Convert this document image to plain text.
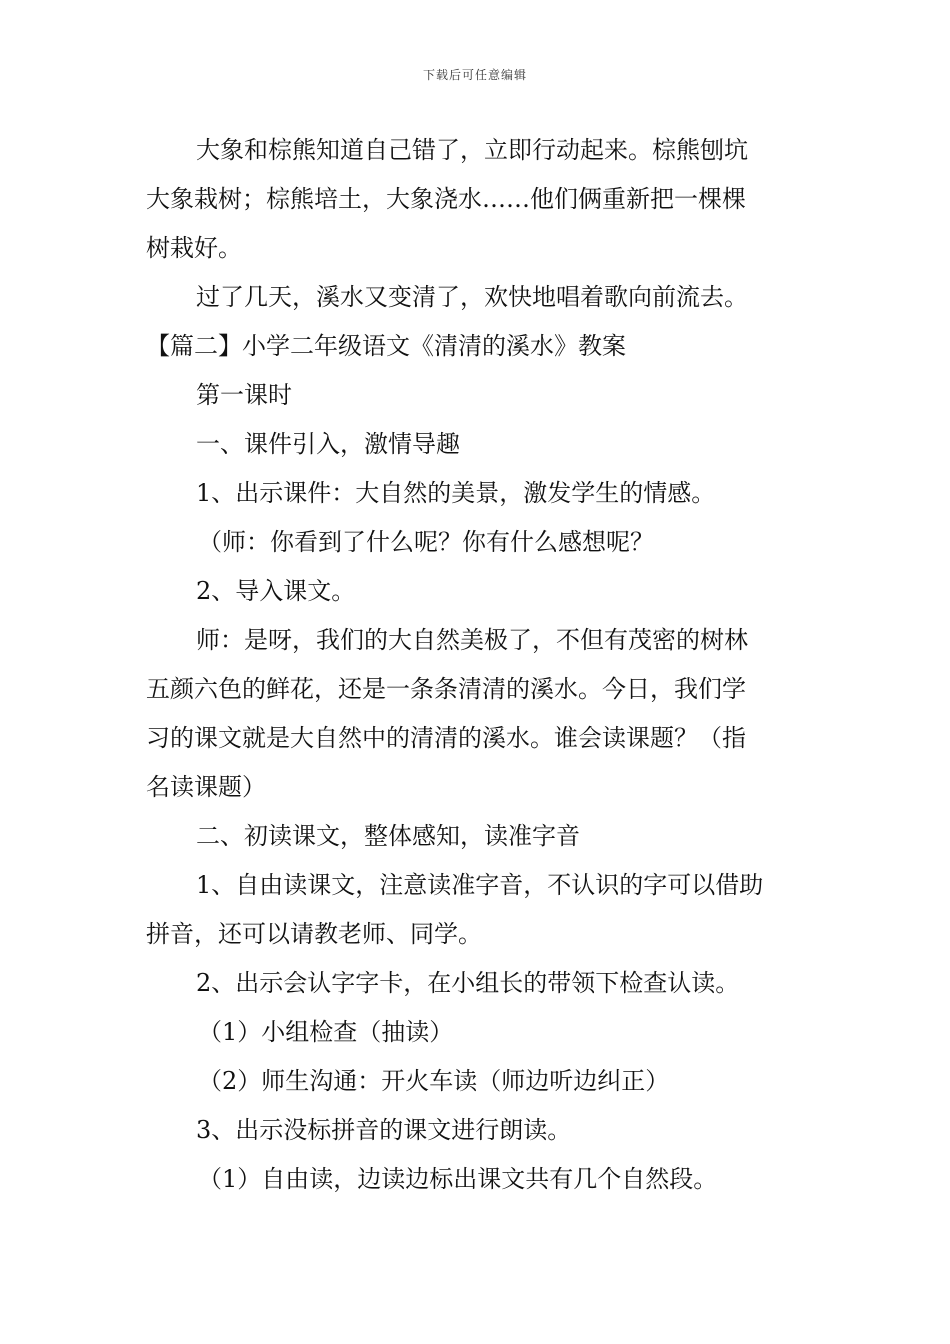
下载后可任意编辑

大象和棕熊知道自己错了，立即行动起来。棕熊刨坑
大象栽树；棕熊培土，大象浇水……他们俩重新把一棵棵
树栽好。

过了几天，溪水又变清了，欢快地唱着歌向前流去。

【篇二】小学二年级语文《清清的溪水》教案

第一课时

一、课件引入，激情导趣

1、出示课件：大自然的美景，激发学生的情感。

（师：你看到了什么呢？你有什么感想呢？

2、导入课文。

师：是呀，我们的大自然美极了，不但有茂密的树林
五颜六色的鲜花，还是一条条清清的溪水。今日，我们学
习的课文就是大自然中的清清的溪水。谁会读课题？（指
名读课题）

二、初读课文，整体感知，读准字音

1、自由读课文，注意读准字音，不认识的字可以借助
拼音，还可以请教老师、同学。

2、出示会认字字卡，在小组长的带领下检查认读。

（1）小组检查（抽读）

（2）师生沟通：开火车读（师边听边纠正）

3、出示没标拼音的课文进行朗读。

（1）自由读，边读边标出课文共有几个自然段。
